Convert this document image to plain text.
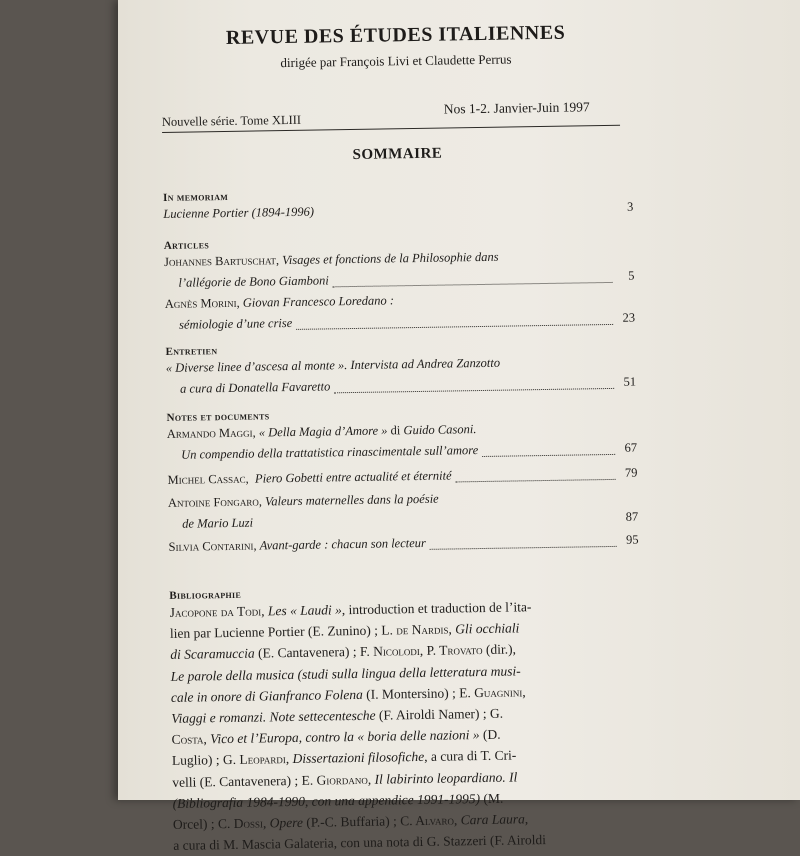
REVUE DES ÉTUDES ITALIENNES
dirigée par François Livi et Claudette Perrus
Nouvelle série. Tome XLIII
Nos 1-2. Janvier-Juin 1997
SOMMAIRE
In memoriam
Lucienne Portier (1894-1996)	3
Articles
Johannes Bartuschat , Visages et fonctions de la Philosophie dans
l’allégorie de Bono Giamboni	5
Agnès Morini , Giovan Francesco Loredano :
sémiologie d’une crise	23
Entretien
« Diverse linee d’ascesa al monte ». Intervista ad Andrea Zanzotto
a cura di Donatella Favaretto	51
Notes et documents
Armando Maggi , « Della Magia d’Amore » di Guido Casoni.
Un compendio della trattatistica rinascimentale sull’amore	67
Michel Cassac , Piero Gobetti entre actualité et éternité	79
Antoine Fongaro , Valeurs maternelles dans la poésie
de Mario Luzi	87
Silvia Contarini , Avant-garde : chacun son lecteur	95
Bibliographie
Jacopone da Todi, Les « Laudi », introduction et traduction de l’ita-
lien par Lucienne Portier (E. Zunino) ; L. de Nardis, Gli occhiali
di Scaramuccia (E. Cantavenera) ; F. Nicolodi, P. Trovato (dir.),
Le parole della musica (studi sulla lingua della letteratura musi-
cale in onore di Gianfranco Folena (I. Montersino) ; E. Guagnini,
Viaggi e romanzi. Note settecentesche (F. Airoldi Namer) ; G.
Costa, Vico et l’Europa, contro la « boria delle nazioni » (D.
Luglio) ; G. Leopardi, Dissertazioni filosofiche, a cura di T. Cri-
velli (E. Cantavenera) ; E. Giordano, Il labirinto leopardiano. Il
(Bibliografia 1984-1990, con una appendice 1991-1995) (M.
Orcel) ; C. Dossi, Opere (P.-C. Buffaria) ; C. Alvaro, Cara Laura,
a cura di M. Mascia Galateria, con una nota di G. Stazzeri (F. Airoldi
